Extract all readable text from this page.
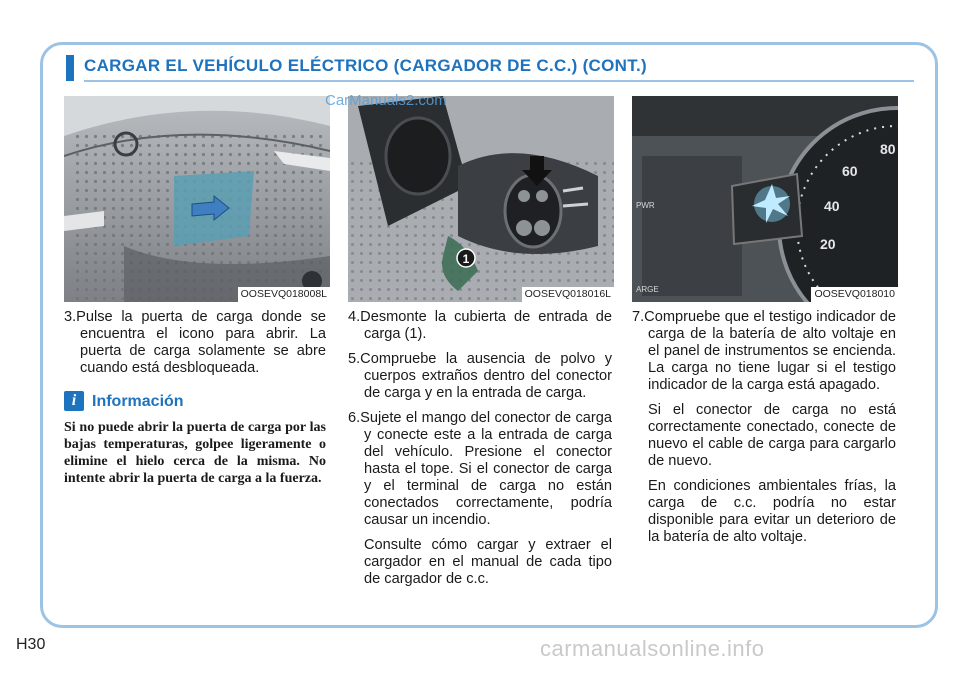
CARGAR EL VEHÍCULO ELÉCTRICO (CARGADOR DE C.C.) (CONT.)
OOSEVQ018008L
1
OOSEVQ018016L
80
60
40
20
PWR
ARGE	OOSEVQ018010
CarManuals2.com

3.Pulse la puerta de carga donde se encuentra el icono para abrir. La puerta de carga solamente se abre cuando está desbloqueada.

i Información

Si no puede abrir la puerta de carga por las bajas temperaturas, golpee ligeramente o elimine el hielo cerca de la misma. No intente abrir la puerta de carga a la fuerza.

4.Desmonte la cubierta de entrada de carga (1).

5.Compruebe la ausencia de polvo y cuerpos extraños dentro del conector de carga y en la entrada de carga.

6.Sujete el mango del conector de carga y conecte este a la entrada de carga del vehículo. Presione el conector hasta el tope. Si el conector de carga y el terminal de carga no están conectados correctamente, podría causar un incendio.

Consulte cómo cargar y extraer el cargador en el manual de cada tipo de cargador de c.c.

7.Compruebe que el testigo indicador de carga de la batería de alto voltaje en el panel de instrumentos se encienda. La carga no tiene lugar si el testigo indicador de la carga está apagado.

Si el conector de carga no está correctamente conectado, conecte de nuevo el cable de carga para cargarlo de nuevo.

En condiciones ambientales frías, la carga de c.c. podría no estar disponible para evitar un deterioro de la batería de alto voltaje.

H30	carmanualsonline.info
